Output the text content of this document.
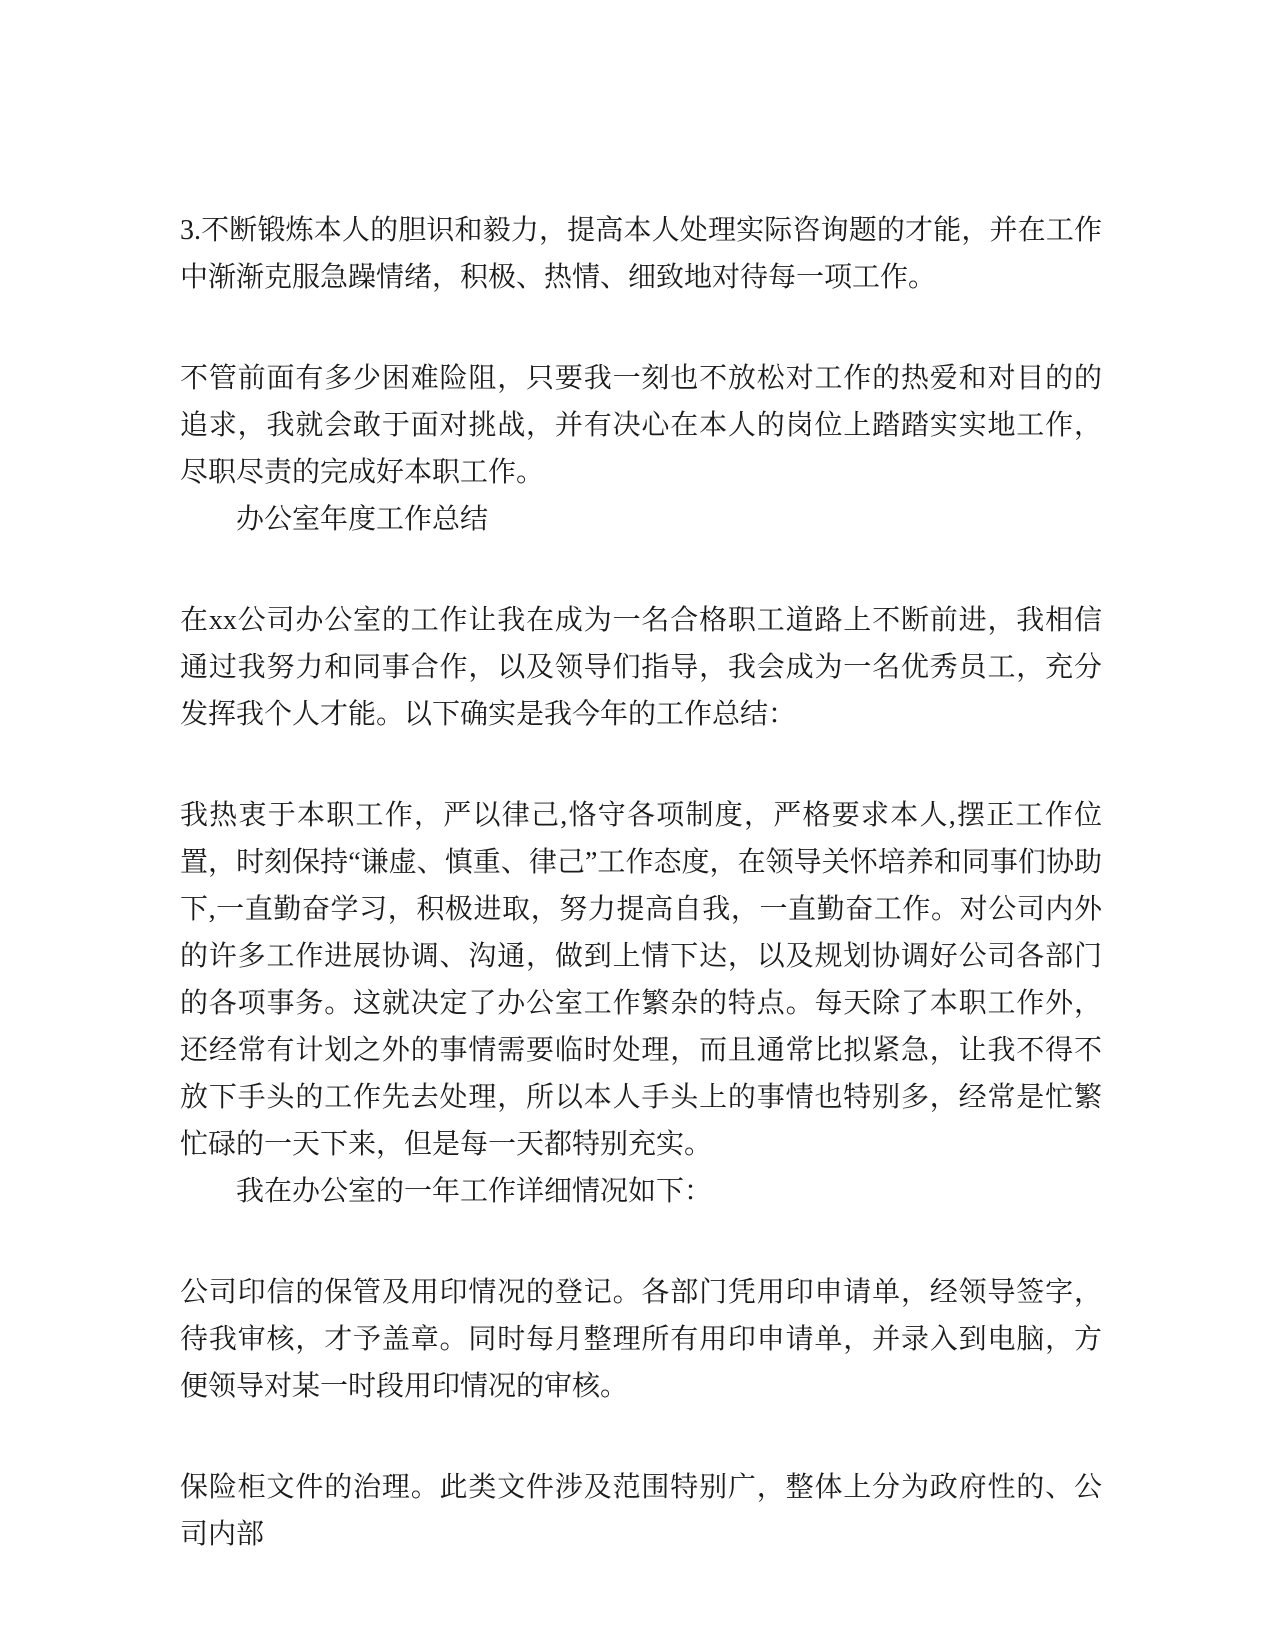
3.不断锻炼本人的胆识和毅力，提高本人处理实际咨询题的才能，并在工作中渐渐克服急躁情绪，积极、热情、细致地对待每一项工作。

不管前面有多少困难险阻，只要我一刻也不放松对工作的热爱和对目的的追求，我就会敢于面对挑战，并有决心在本人的岗位上踏踏实实地工作，尽职尽责的完成好本职工作。

办公室年度工作总结

在xx公司办公室的工作让我在成为一名合格职工道路上不断前进，我相信通过我努力和同事合作，以及领导们指导，我会成为一名优秀员工，充分发挥我个人才能。以下确实是我今年的工作总结：

我热衷于本职工作，严以律己,恪守各项制度，严格要求本人,摆正工作位置，时刻保持“谦虚、慎重、律己”工作态度，在领导关怀培养和同事们协助下,一直勤奋学习，积极进取，努力提高自我，一直勤奋工作。对公司内外的许多工作进展协调、沟通，做到上情下达，以及规划协调好公司各部门的各项事务。这就决定了办公室工作繁杂的特点。每天除了本职工作外，还经常有计划之外的事情需要临时处理，而且通常比拟紧急，让我不得不放下手头的工作先去处理，所以本人手头上的事情也特别多，经常是忙繁忙碌的一天下来，但是每一天都特别充实。

我在办公室的一年工作详细情况如下：

公司印信的保管及用印情况的登记。各部门凭用印申请单，经领导签字，待我审核，才予盖章。同时每月整理所有用印申请单，并录入到电脑，方便领导对某一时段用印情况的审核。

保险柜文件的治理。此类文件涉及范围特别广，整体上分为政府性的、公司内部
